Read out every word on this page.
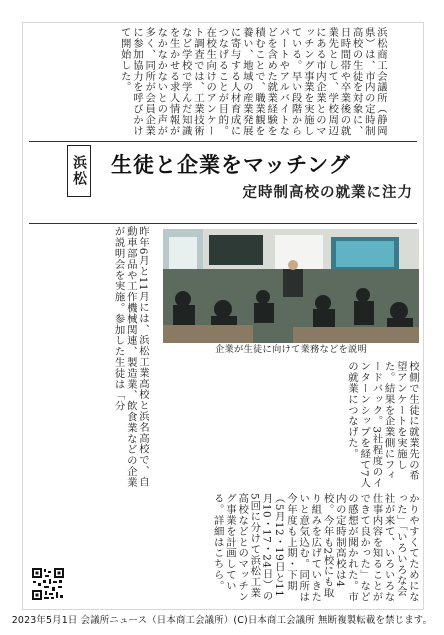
浜松商工会議所（静岡県）は、市内の定時制高校の生徒を対象に、日時間帯や卒業後の就業先として、学校周辺にある市内企業とのマッチング事業を実施している。早い段階からパートやアルバイトなどを含めた就業経験を積むことで、職業観を養い、地域の産業発展に寄与する人材育成につなげることが目的。在校生向けのアンケート調査では、工業技術など学校で学んだ知識を生かせる求人情報がなかなかないとの声が多く、同所が会員企業に参加協力を呼びかけて開始した。
浜松 生徒と企業をマッチング
定時制高校の就業に注力
昨年6月と11月には、浜松工業高校と浜名高校で、自動車部品や工作機械関連、製造業、飲食業などの企業が説明会を実施。参加した生徒は「分	企業が生徒に向けて業務などを説明
校側で生徒に就業先の希望アンケートを実施した。結果を企業側にフィードバック。3社程度のインターンシップを経て7人の就業につなげた。
かりやすくてためになった」「いろいろな会社が来て、いろいろな仕事内容を知ることができて良かった」などの感想が聞かれた。市内の定時制高校は4校。今年も2校にも取り組みを広げていきたいと意気込む。同所は今年度も上期・下期（5月12・19日と11月10・17・24日）の5回に分けて浜松工業高校などとのマッチング事業を計画している。詳細はこちら。
2023年5月1日 会議所ニュース（日本商工会議所）(C)日本商工会議所 無断複製転載を禁じます。
